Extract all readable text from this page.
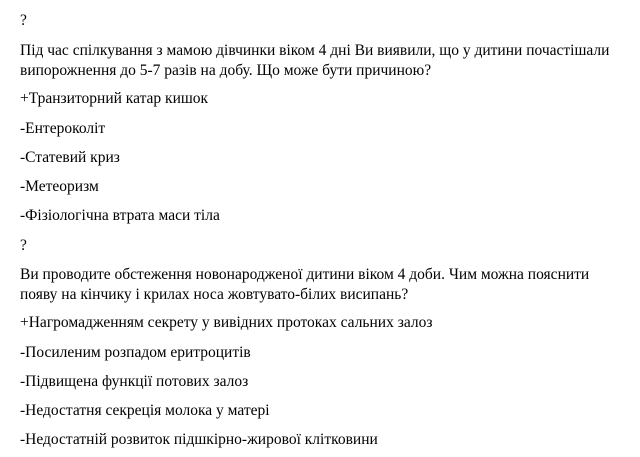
?
Під час спілкування з мамою дівчинки віком 4 дні Ви виявили, що у дитини почастішали випорожнення до 5-7 разів на добу. Що може бути причиною?
+Транзиторний катар кишок
-Ентероколіт
-Статевий криз
-Метеоризм
-Фізіологічна втрата маси тіла
?
Ви проводите обстеження новонародженої дитини віком 4 доби. Чим можна пояснити появу на кінчику і крилах носа жовтувато-білих висипань?
+Нагромадженням секрету у вивідних протоках сальних залоз
-Посиленим розпадом еритроцитів
-Підвищена функції потових залоз
-Недостатня секреція молока у матері
-Недостатній розвиток підшкірно-жирової клітковини
